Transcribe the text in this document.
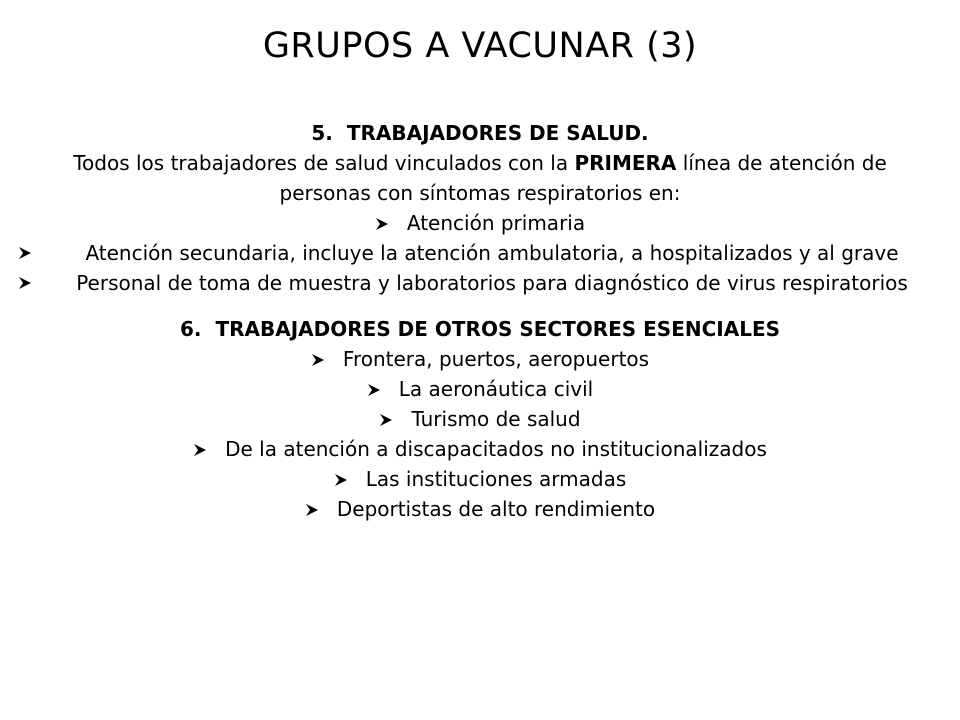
GRUPOS A VACUNAR (3)
5. TRABAJADORES DE SALUD.
Todos los trabajadores de salud vinculados con la PRIMERA línea de atención de personas con síntomas respiratorios en:
Atención primaria
Atención secundaria, incluye la atención ambulatoria, a hospitalizados y al grave
Personal de toma de muestra y laboratorios para diagnóstico de virus respiratorios
6. TRABAJADORES DE OTROS SECTORES ESENCIALES
Frontera, puertos, aeropuertos
La aeronáutica civil
Turismo de salud
De la atención a discapacitados no institucionalizados
Las instituciones armadas
Deportistas de alto rendimiento
